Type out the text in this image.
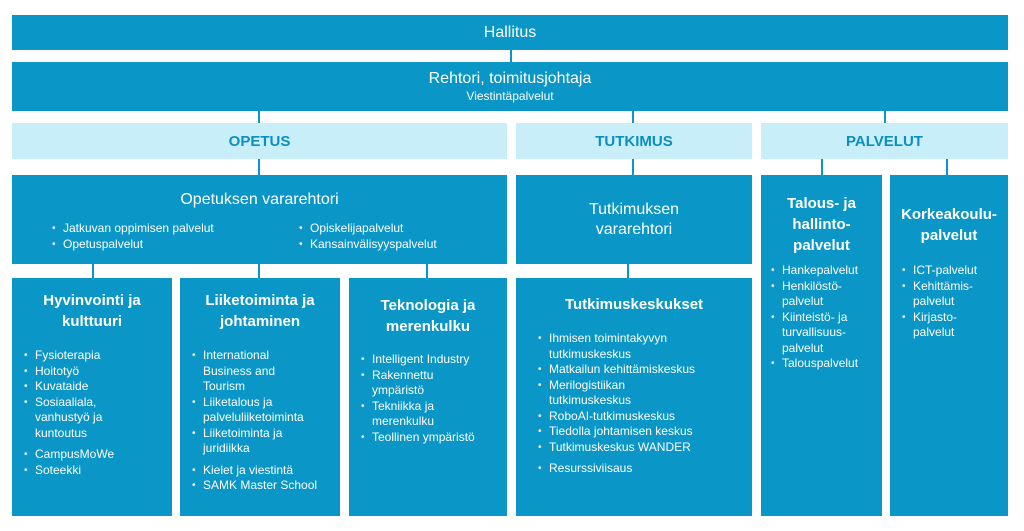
Hallitus
Rehtori, toimitusjohtaja
Viestintäpalvelut
OPETUS	TUTKIMUS	PALVELUT
Opetuksen vararehtori
• Jatkuvan oppimisen palvelut
• Opetuspalvelut
• Opiskelijapalvelut
• Kansainvälisyyspalvelut
Tutkimuksen
vararehtori
Talous- ja
hallinto-
palvelut
• Hankepalvelut
• Henkilöstö-palvelut
• Kiinteistö- ja turvallisuus-palvelut
• Talouspalvelut
Korkeakoulu-
palvelut
• ICT-palvelut
• Kehittämis-palvelut
• Kirjasto-palvelut
Hyvinvointi ja
kulttuuri
• Fysioterapia
• Hoitotyö
• Kuvataide
• Sosiaaliala, vanhustyö ja kuntoutus
• CampusMoWe
• Soteekki
Liiketoiminta ja
johtaminen
• International Business and Tourism
• Liiketalous ja palveluliiketoiminta
• Liiketoiminta ja juridiikka
• Kielet ja viestintä
• SAMK Master School
Teknologia ja
merenkulku
• Intelligent Industry
• Rakennettu ympäristö
• Tekniikka ja merenkulku
• Teollinen ympäristö
Tutkimuskeskukset
• Ihmisen toimintakyvyn tutkimuskeskus
• Matkailun kehittämiskeskus
• Merilogistiikan tutkimuskeskus
• RoboAI-tutkimuskeskus
• Tiedolla johtamisen keskus
• Tutkimuskeskus WANDER
• Resurssiviisaus
